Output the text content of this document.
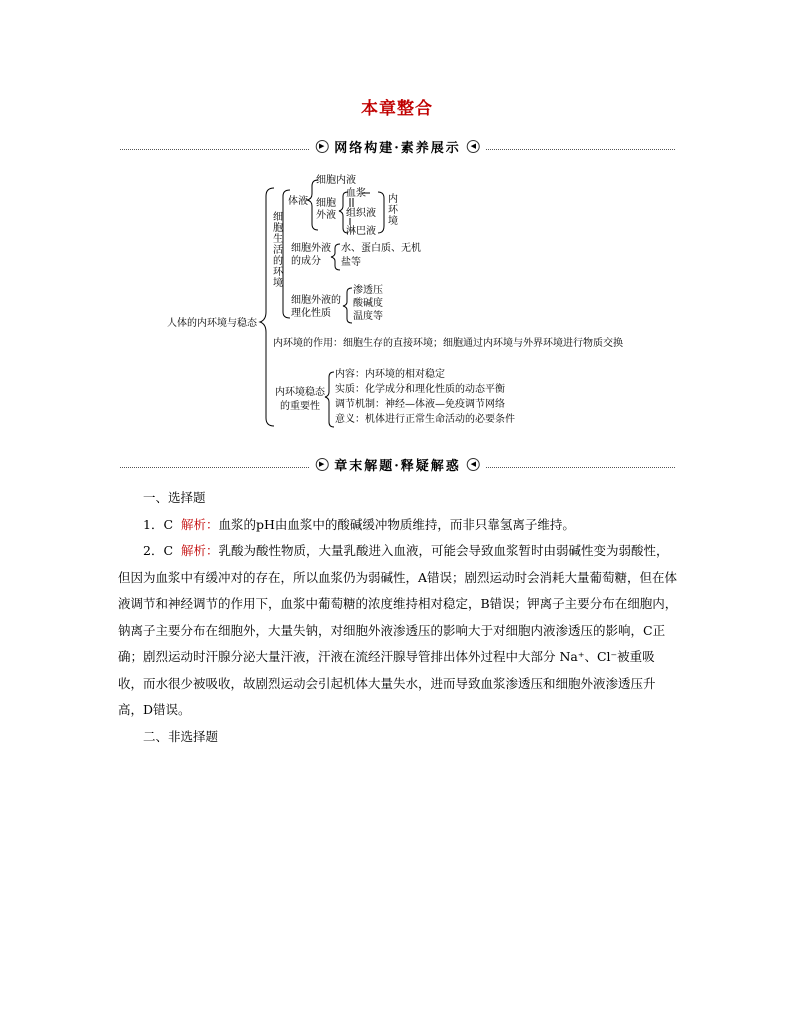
本章整合
▶ 网络构建·素养展示	◀
人体的内环境与稳态
细胞生活的环境
体液
细胞内液
细胞外液
血浆
组织液
淋巴液
内环境
细胞外液的成分
水、蛋白质、无机
盐等
细胞外液的理化性质
渗透压
酸碱度
温度等
内环境的作用：细胞生存的直接环境；细胞通过内环境与外界环境进行物质交换
内环境稳态的重要性
内容：内环境的相对稳定
实质：化学成分和理化性质的动态平衡
调节机制：神经—体液—免疫调节网络
意义：机体进行正常生命活动的必要条件
▶ 章末解题·释疑解惑	◀

一、选择题

1．C 解析：血浆的pH由血浆中的酸碱缓冲物质维持，而非只靠氢离子维持。

2．C 解析：乳酸为酸性物质，大量乳酸进入血液，可能会导致血浆暂时由弱碱性变为弱酸性，但因为血浆中有缓冲对的存在，所以血浆仍为弱碱性，A错误；剧烈运动时会消耗大量葡萄糖，但在体液调节和神经调节的作用下，血浆中葡萄糖的浓度维持相对稳定，B错误；钾离子主要分布在细胞内，钠离子主要分布在细胞外，大量失钠，对细胞外液渗透压的影响大于对细胞内液渗透压的影响，C正确；剧烈运动时汗腺分泌大量汗液，汗液在流经汗腺导管排出体外过程中大部分 Na⁺、Cl⁻被重吸收，而水很少被吸收，故剧烈运动会引起机体大量失水，进而导致血浆渗透压和细胞外液渗透压升高，D错误。

二、非选择题
